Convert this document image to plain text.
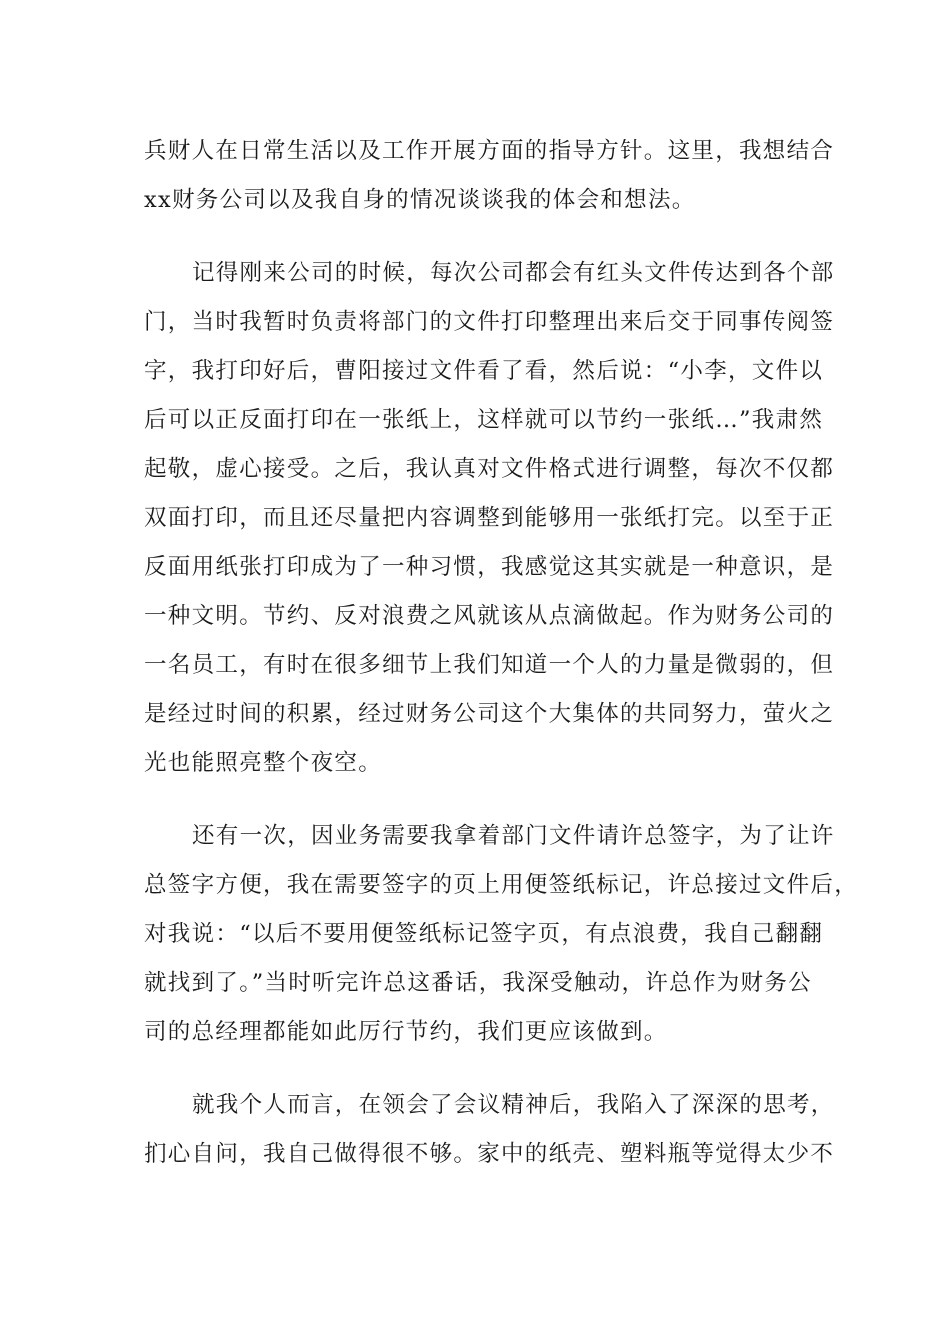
兵财人在日常生活以及工作开展方面的指导方针。这里，我想结合

xx财务公司以及我自身的情况谈谈我的体会和想法。

记得刚来公司的时候，每次公司都会有红头文件传达到各个部

门，当时我暂时负责将部门的文件打印整理出来后交于同事传阅签

字，我打印好后，曹阳接过文件看了看，然后说：“小李，文件以

后可以正反面打印在一张纸上，这样就可以节约一张纸…”我肃然

起敬，虚心接受。之后，我认真对文件格式进行调整，每次不仅都

双面打印，而且还尽量把内容调整到能够用一张纸打完。以至于正

反面用纸张打印成为了一种习惯，我感觉这其实就是一种意识，是

一种文明。节约、反对浪费之风就该从点滴做起。作为财务公司的

一名员工，有时在很多细节上我们知道一个人的力量是微弱的，但

是经过时间的积累，经过财务公司这个大集体的共同努力，萤火之

光也能照亮整个夜空。

还有一次，因业务需要我拿着部门文件请许总签字，为了让许

总签字方便，我在需要签字的页上用便签纸标记，许总接过文件后，

对我说：“以后不要用便签纸标记签字页，有点浪费，我自己翻翻

就找到了。”当时听完许总这番话，我深受触动，许总作为财务公

司的总经理都能如此厉行节约，我们更应该做到。

就我个人而言，在领会了会议精神后，我陷入了深深的思考，

扪心自问，我自己做得很不够。家中的纸壳、塑料瓶等觉得太少不
